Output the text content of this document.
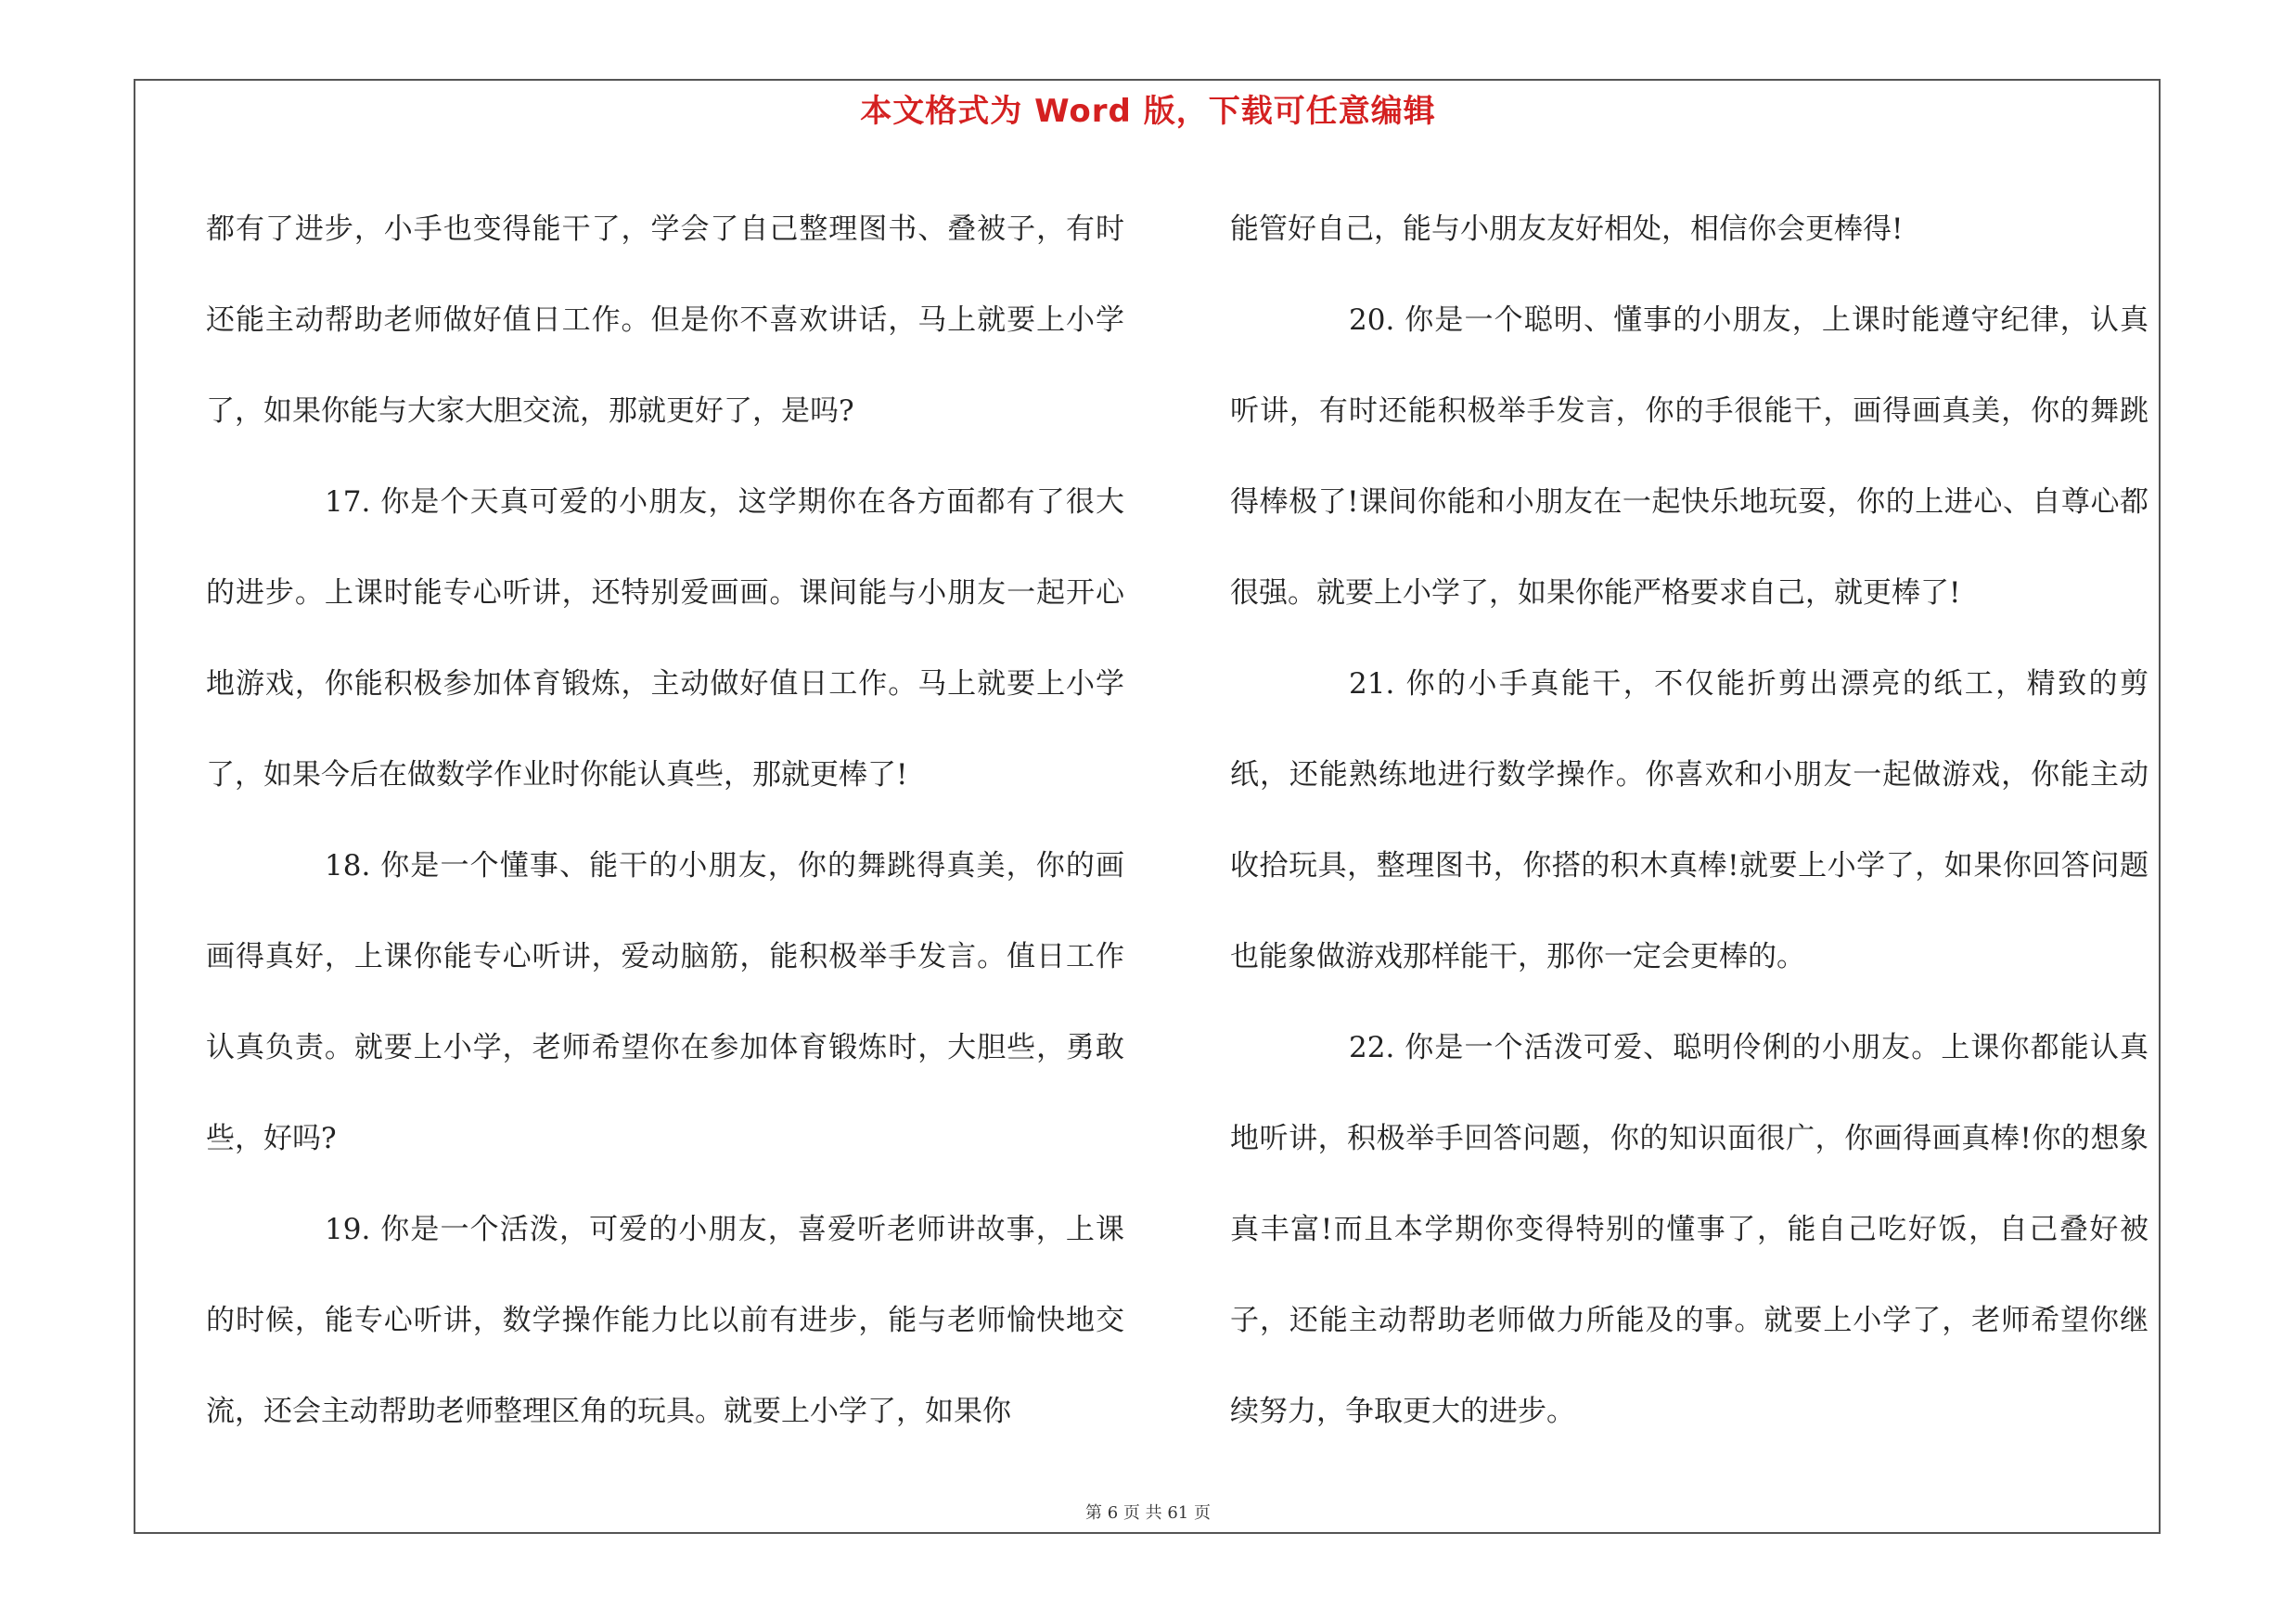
本文格式为 Word 版，下载可任意编辑

都有了进步，小手也变得能干了，学会了自己整理图书、叠被子，有时还能主动帮助老师做好值日工作。但是你不喜欢讲话，马上就要上小学了，如果你能与大家大胆交流，那就更好了，是吗?

17. 你是个天真可爱的小朋友，这学期你在各方面都有了很大的进步。上课时能专心听讲，还特别爱画画。课间能与小朋友一起开心地游戏，你能积极参加体育锻炼，主动做好值日工作。马上就要上小学了，如果今后在做数学作业时你能认真些，那就更棒了!

18. 你是一个懂事、能干的小朋友，你的舞跳得真美，你的画画得真好，上课你能专心听讲，爱动脑筋，能积极举手发言。值日工作认真负责。就要上小学，老师希望你在参加体育锻炼时，大胆些，勇敢些，好吗?

19. 你是一个活泼，可爱的小朋友，喜爱听老师讲故事，上课的时候，能专心听讲，数学操作能力比以前有进步，能与老师愉快地交流，还会主动帮助老师整理区角的玩具。就要上小学了，如果你

能管好自己，能与小朋友友好相处，相信你会更棒得!

20. 你是一个聪明、懂事的小朋友，上课时能遵守纪律，认真听讲，有时还能积极举手发言，你的手很能干，画得画真美，你的舞跳得棒极了!课间你能和小朋友在一起快乐地玩耍，你的上进心、自尊心都很强。就要上小学了，如果你能严格要求自己，就更棒了!

21. 你的小手真能干，不仅能折剪出漂亮的纸工，精致的剪纸，还能熟练地进行数学操作。你喜欢和小朋友一起做游戏，你能主动收拾玩具，整理图书，你搭的积木真棒!就要上小学了，如果你回答问题也能象做游戏那样能干，那你一定会更棒的。

22. 你是一个活泼可爱、聪明伶俐的小朋友。上课你都能认真地听讲，积极举手回答问题，你的知识面很广，你画得画真棒!你的想象真丰富!而且本学期你变得特别的懂事了，能自己吃好饭，自己叠好被子，还能主动帮助老师做力所能及的事。就要上小学了，老师希望你继续努力，争取更大的进步。

第 6 页 共 61 页
